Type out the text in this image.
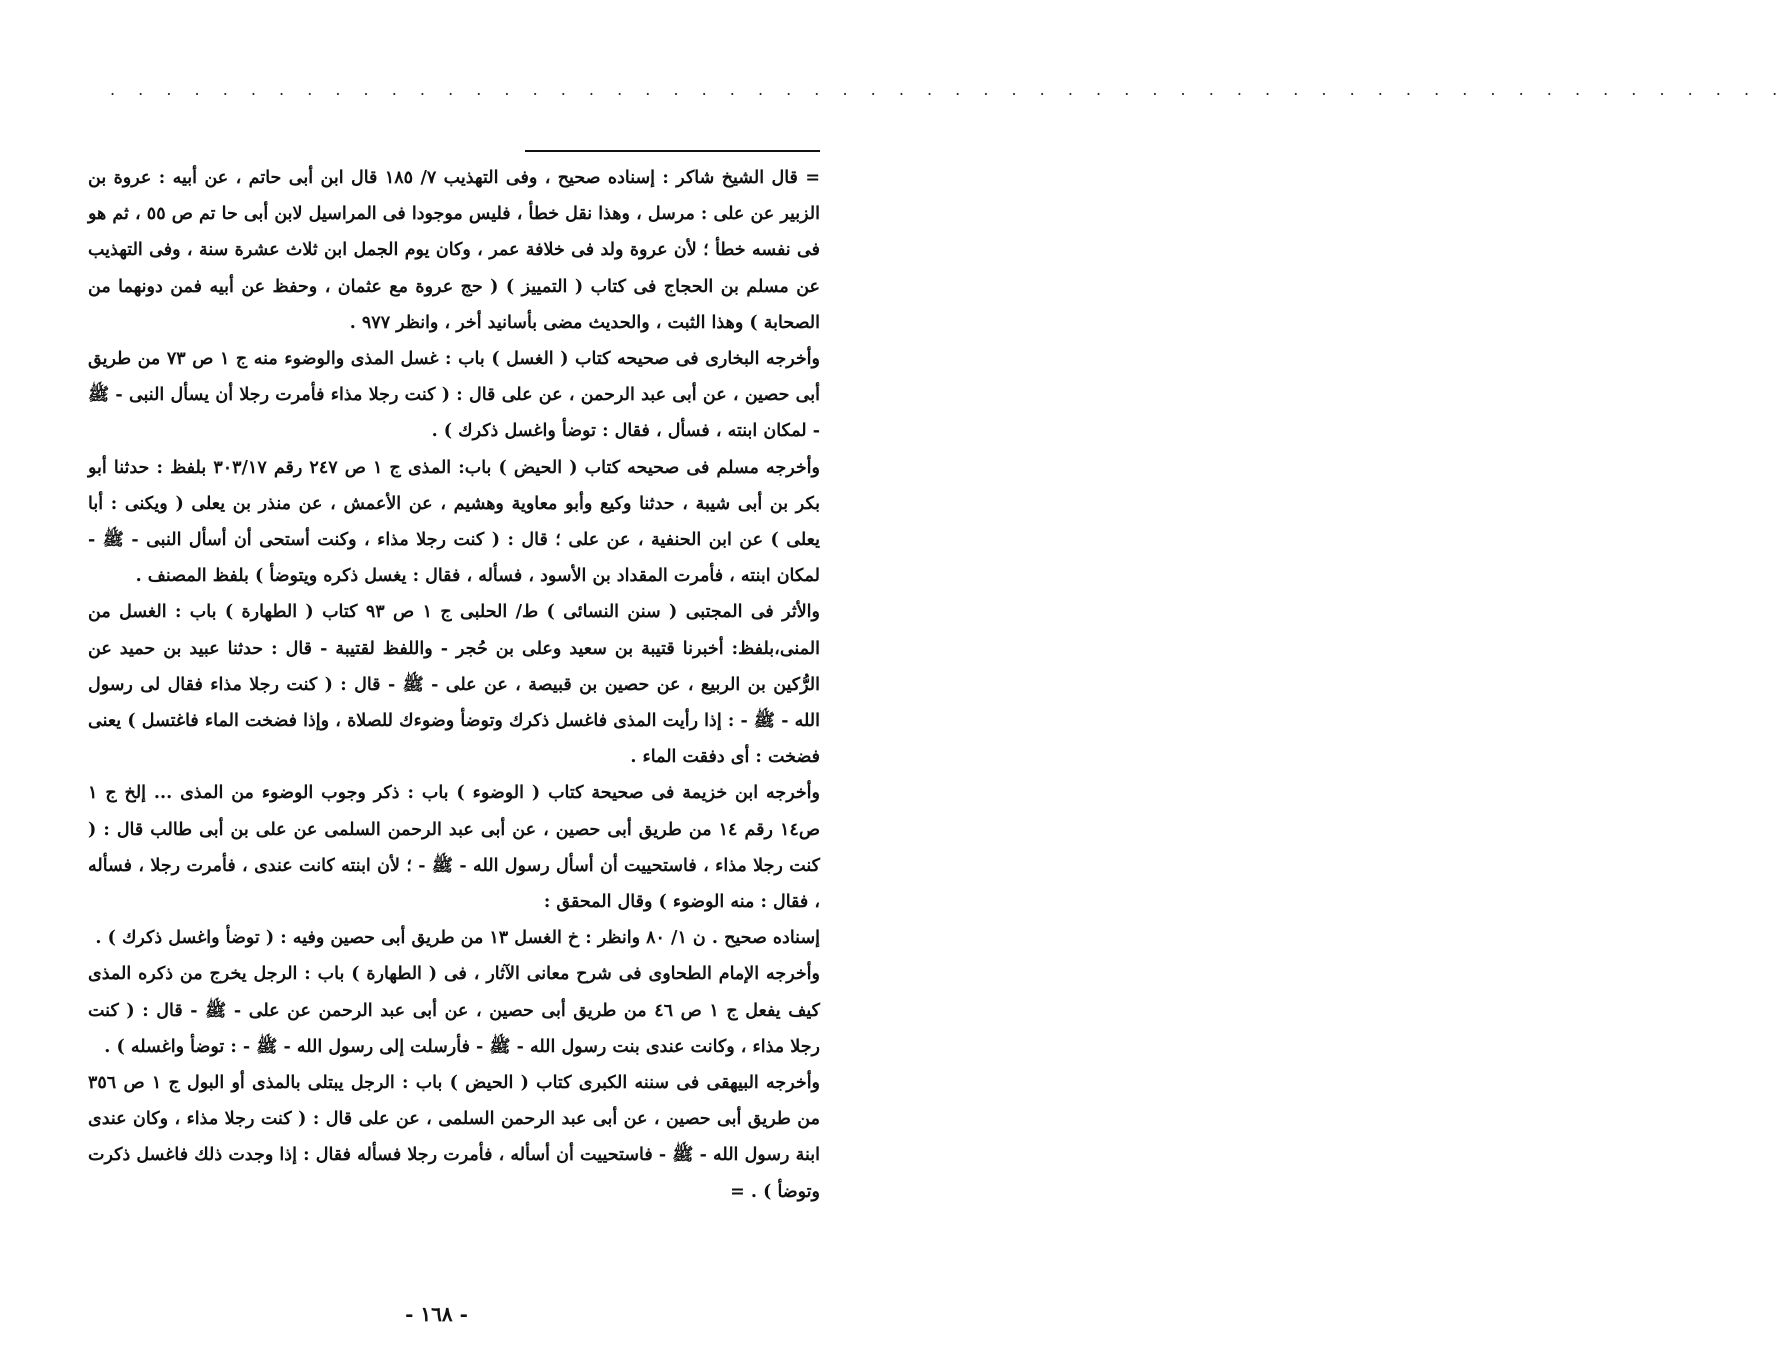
. . . . . . . . . . . . . . . . . . . . . . . . . . . . . . . . . . . . . . . . . . . . . . . . . . . . . . . . . . . .

= قال الشيخ شاكر : إسناده صحيح ، وفى التهذيب ٧/ ١٨٥ قال ابن أبى حاتم ، عن أبيه : عروة بن الزبير عن على : مرسل ، وهذا نقل خطأ ، فليس موجودا فى المراسيل لابن أبى حا تم ص ٥٥ ، ثم هو فى نفسه خطأ ؛ لأن عروة ولد فى خلافة عمر ، وكان يوم الجمل ابن ثلاث عشرة سنة ، وفى التهذيب عن مسلم بن الحجاج فى كتاب ( التمييز ) ( حج عروة مع عثمان ، وحفظ عن أبيه فمن دونهما من الصحابة ) وهذا الثبت ، والحديث مضى بأسانيد أخر ، وانظر ٩٧٧ .

وأخرجه البخارى فى صحيحه كتاب ( الغسل ) باب : غسل المذى والوضوء منه ج ١ ص ٧٣ من طريق أبى حصين ، عن أبى عبد الرحمن ، عن على قال : ( كنت رجلا مذاء فأمرت رجلا أن يسأل النبى - ﷺ - لمكان ابنته ، فسأل ، فقال : توضأ واغسل ذكرك ) .

وأخرجه مسلم فى صحيحه كتاب ( الحيض ) باب: المذى ج ١ ص ٢٤٧ رقم ٣٠٣/١٧ بلفظ : حدثنا أبو بكر بن أبى شيبة ، حدثنا وكيع وأبو معاوية وهشيم ، عن الأعمش ، عن منذر بن يعلى ( ويكنى : أبا يعلى ) عن ابن الحنفية ، عن على ؛ قال : ( كنت رجلا مذاء ، وكنت أستحى أن أسأل النبى - ﷺ - لمكان ابنته ، فأمرت المقداد بن الأسود ، فسأله ، فقال : يغسل ذكره ويتوضأ ) بلفظ المصنف .

والأثر فى المجتبى ( سنن النسائى ) ط/ الحلبى ج ١ ص ٩٣ كتاب ( الطهارة ) باب : الغسل من المنى،بلفظ: أخبرنا قتيبة بن سعيد وعلى بن حُجر - واللفظ لقتيبة - قال : حدثنا عبيد بن حميد عن الرُّكين بن الربيع ، عن حصين بن قبيصة ، عن على - ﷺ - قال : ( كنت رجلا مذاء فقال لى رسول الله - ﷺ - : إذا رأيت المذى فاغسل ذكرك وتوضأ وضوءك للصلاة ، وإذا فضخت الماء فاغتسل ) يعنى فضخت : أى دفقت الماء .

وأخرجه ابن خزيمة فى صحيحة كتاب ( الوضوء ) باب : ذكر وجوب الوضوء من المذى ... إلخ ج ١ ص١٤ رقم ١٤ من طريق أبى حصين ، عن أبى عبد الرحمن السلمى عن على بن أبى طالب قال : ( كنت رجلا مذاء ، فاستحييت أن أسأل رسول الله - ﷺ - ؛ لأن ابنته كانت عندى ، فأمرت رجلا ، فسأله ، فقال : منه الوضوء ) وقال المحقق :

إسناده صحيح . ن ١/ ٨٠ وانظر : خ الغسل ١٣ من طريق أبى حصين وفيه : ( توضأ واغسل ذكرك ) .

وأخرجه الإمام الطحاوى فى شرح معانى الآثار ، فى ( الطهارة ) باب : الرجل يخرج من ذكره المذى كيف يفعل ج ١ ص ٤٦ من طريق أبى حصين ، عن أبى عبد الرحمن عن على - ﷺ - قال : ( كنت رجلا مذاء ، وكانت عندى بنت رسول الله - ﷺ - فأرسلت إلى رسول الله - ﷺ - : توضأ واغسله ) .

وأخرجه البيهقى فى سننه الكبرى كتاب ( الحيض ) باب : الرجل يبتلى بالمذى أو البول ج ١ ص ٣٥٦ من طريق أبى حصين ، عن أبى عبد الرحمن السلمى ، عن على قال : ( كنت رجلا مذاء ، وكان عندى ابنة رسول الله - ﷺ - فاستحييت أن أسأله ، فأمرت رجلا فسأله فقال : إذا وجدت ذلك فاغسل ذكرت وتوضأ ) . =

- ١٦٨ -
